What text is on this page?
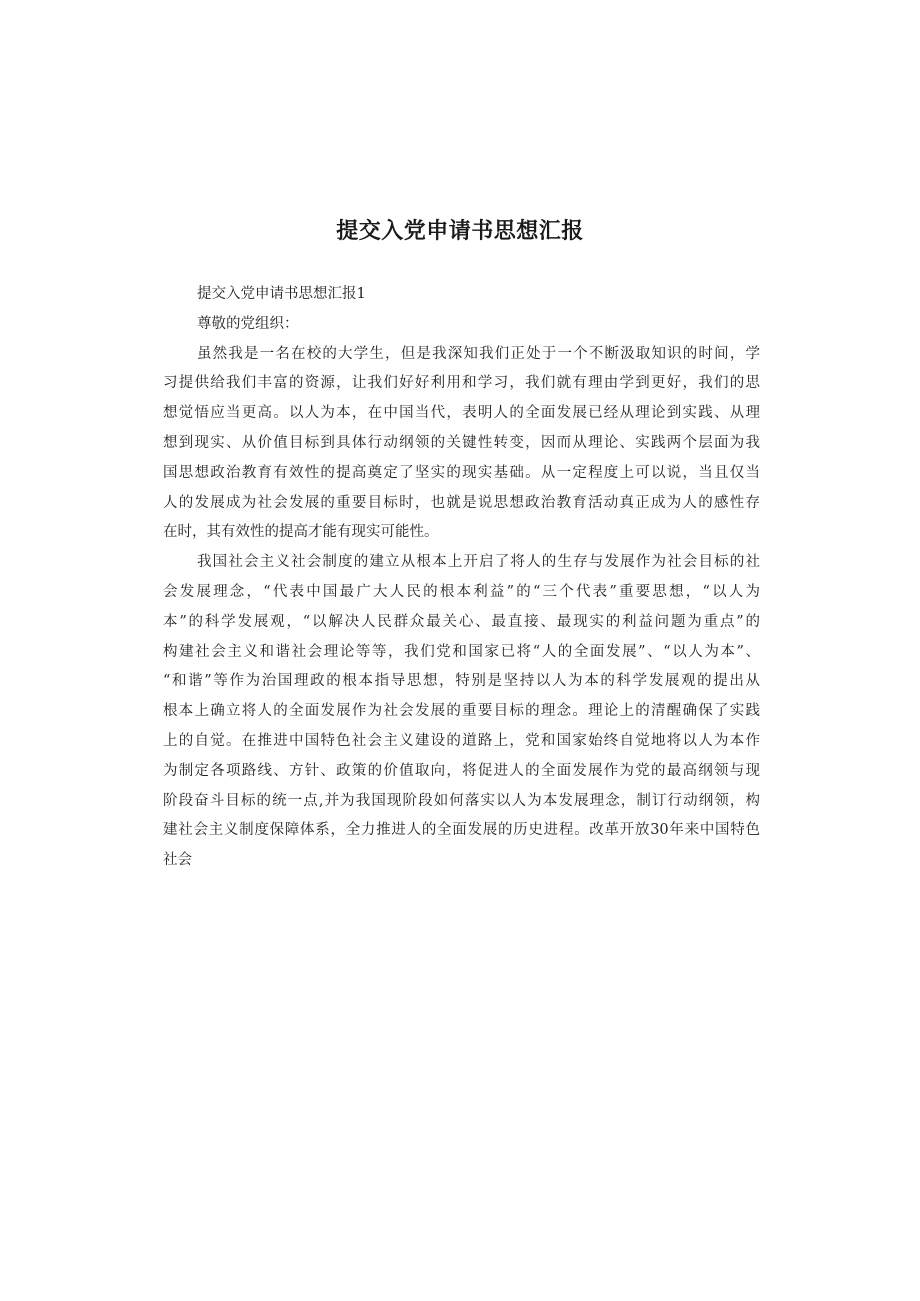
提交入党申请书思想汇报

提交入党申请书思想汇报1

尊敬的党组织：

虽然我是一名在校的大学生，但是我深知我们正处于一个不断汲取知识的时间，学

习提供给我们丰富的资源，让我们好好利用和学习，我们就有理由学到更好，我们的思

想觉悟应当更高。以人为本，在中国当代，表明人的全面发展已经从理论到实践、从理

想到现实、从价值目标到具体行动纲领的关键性转变，因而从理论、实践两个层面为我

国思想政治教育有效性的提高奠定了坚实的现实基础。从一定程度上可以说，当且仅当

人的发展成为社会发展的重要目标时，也就是说思想政治教育活动真正成为人的感性存

在时，其有效性的提高才能有现实可能性。

我国社会主义社会制度的建立从根本上开启了将人的生存与发展作为社会目标的社

会发展理念，“代表中国最广大人民的根本利益”的“三个代表”重要思想，“以人为

本”的科学发展观，“以解决人民群众最关心、最直接、最现实的利益问题为重点”的

构建社会主义和谐社会理论等等，我们党和国家已将“人的全面发展”、“以人为本”、

“和谐”等作为治国理政的根本指导思想，特别是坚持以人为本的科学发展观的提出从

根本上确立将人的全面发展作为社会发展的重要目标的理念。理论上的清醒确保了实践

上的自觉。在推进中国特色社会主义建设的道路上，党和国家始终自觉地将以人为本作

为制定各项路线、方针、政策的价值取向，将促进人的全面发展作为党的最高纲领与现

阶段奋斗目标的统一点,并为我国现阶段如何落实以人为本发展理念，制订行动纲领，构

建社会主义制度保障体系，全力推进人的全面发展的历史进程。改革开放30年来中国特色

社会
